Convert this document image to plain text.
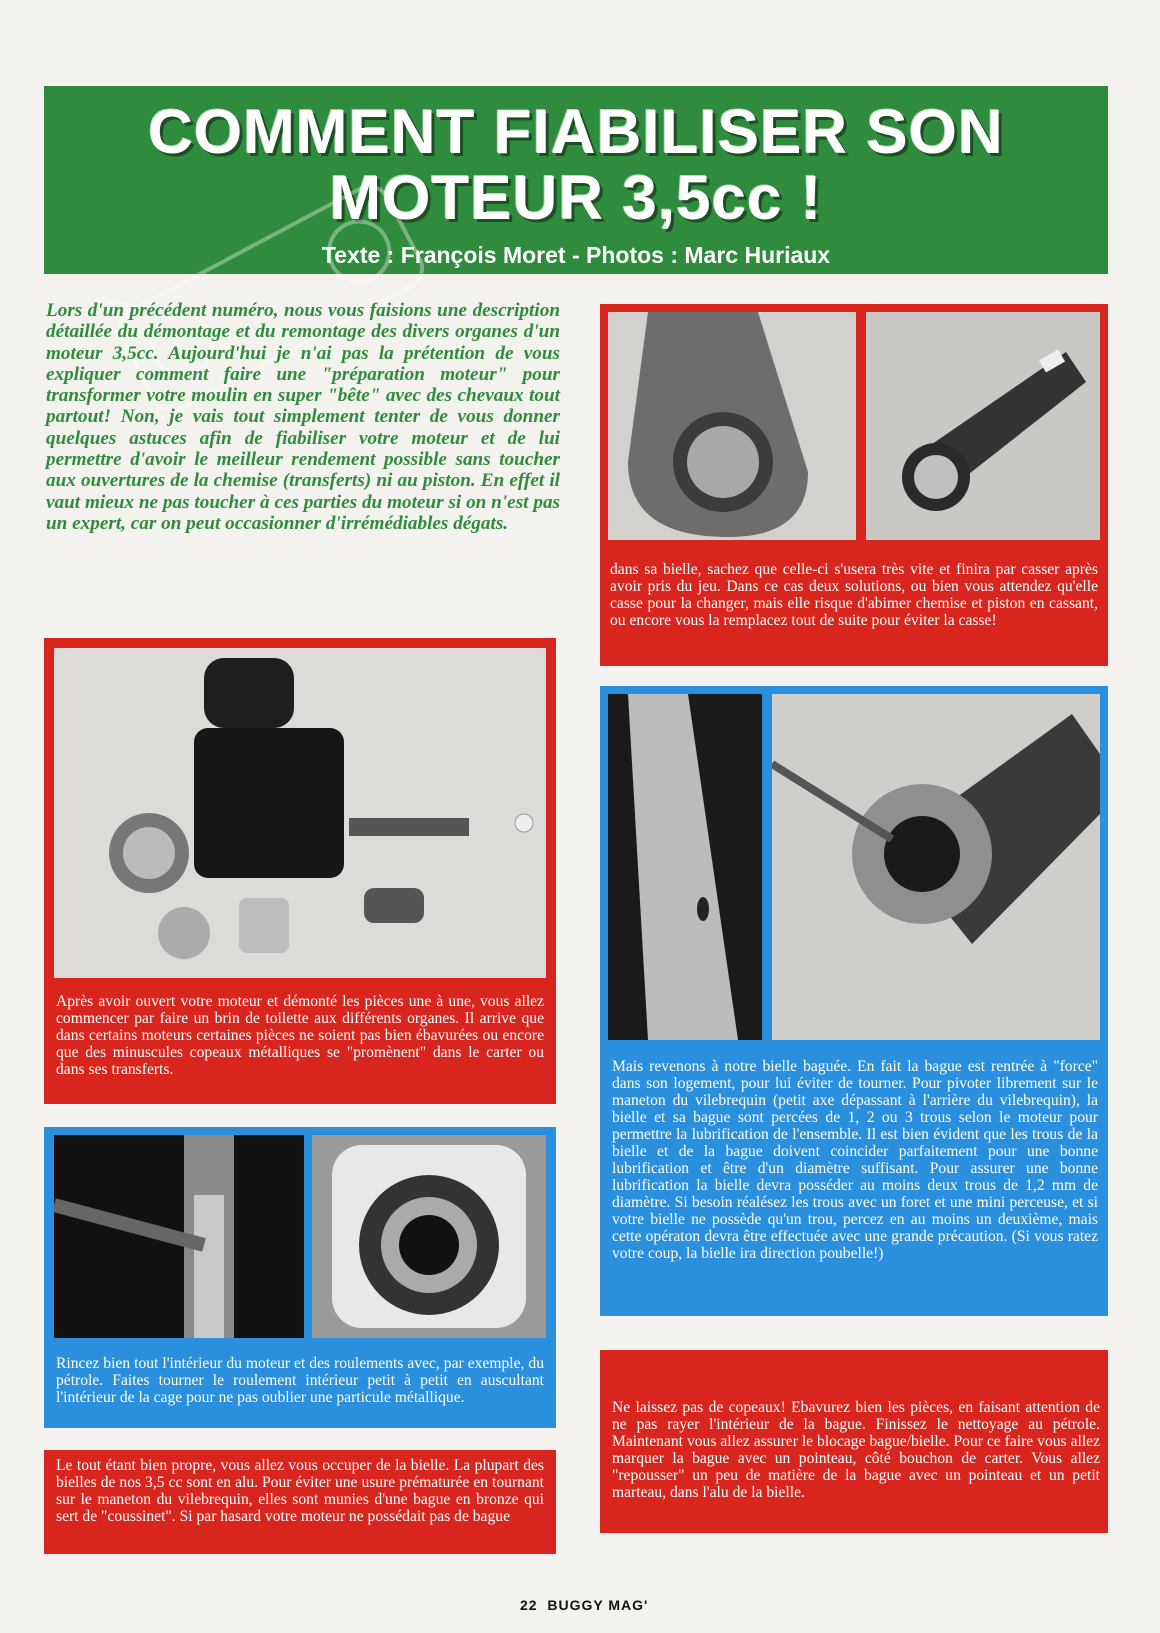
COMMENT FIABILISER SON
MOTEUR 3,5cc !
Texte : François Moret - Photos : Marc Huriaux
Lors d'un précédent numéro, nous vous faisions une description détaillée du démontage et du remontage des divers organes d'un moteur 3,5cc. Aujourd'hui je n'ai pas la prétention de vous expliquer comment faire une "préparation moteur" pour transformer votre moulin en super "bête" avec des chevaux tout partout! Non, je vais tout simplement tenter de vous donner quelques astuces afin de fiabiliser votre moteur et de lui permettre d'avoir le meilleur rendement possible sans toucher aux ouvertures de la chemise (transferts) ni au piston. En effet il vaut mieux ne pas toucher à ces parties du moteur si on n'est pas un expert, car on peut occasionner d'irrémédiables dégats.
Après avoir ouvert votre moteur et démonté les pièces une à une, vous allez commencer par faire un brin de toilette aux différents organes. Il arrive que dans certains moteurs certaines pièces ne soient pas bien ébavurées ou encore que des minuscules copeaux métalliques se "promènent" dans le carter ou dans ses transferts.
Rincez bien tout l'intérieur du moteur et des roulements avec, par exemple, du pétrole. Faites tourner le roulement intérieur petit à petit en auscultant l'intérieur de la cage pour ne pas oublier une particule métallique.
Le tout étant bien propre, vous allez vous occuper de la bielle. La plupart des bielles de nos 3,5 cc sont en alu. Pour éviter une usure prématurée en tournant sur le maneton du vilebrequin, elles sont munies d'une bague en bronze qui sert de "coussinet". Si par hasard votre moteur ne possédait pas de bague
dans sa bielle, sachez que celle-ci s'usera très vite et finira par casser après avoir pris du jeu. Dans ce cas deux solutions, ou bien vous attendez qu'elle casse pour la changer, mais elle risque d'abimer chemise et piston en cassant, ou encore vous la remplacez tout de suite pour éviter la casse!
Mais revenons à notre bielle baguée. En fait la bague est rentrée à "force" dans son logement, pour lui éviter de tourner. Pour pivoter librement sur le maneton du vilebrequin (petit axe dépassant à l'arrière du vilebrequin), la bielle et sa bague sont percées de 1, 2 ou 3 trous selon le moteur pour permettre la lubrification de l'ensemble. Il est bien évident que les trous de la bielle et de la bague doivent coincider parfaitement pour une bonne lubrification et être d'un diamètre suffisant. Pour assurer une bonne lubrification la bielle devra posséder au moins deux trous de 1,2 mm de diamètre. Si besoin réalésez les trous avec un foret et une mini perceuse, et si votre bielle ne possède qu'un trou, percez en au moins un deuxième, mais cette opératon devra être effectuée avec une grande précaution. (Si vous ratez votre coup, la bielle ira direction poubelle!)
Ne laissez pas de copeaux! Ebavurez bien les pièces, en faisant attention de ne pas rayer l'intérieur de la bague. Finissez le nettoyage au pétrole. Maintenant vous allez assurer le blocage bague/bielle. Pour ce faire vous allez marquer la bague avec un pointeau, côté bouchon de carter. Vous allez "repousser" un peu de matière de la bague avec un pointeau et un petit marteau, dans l'alu de la bielle.
22 BUGGY MAG'
